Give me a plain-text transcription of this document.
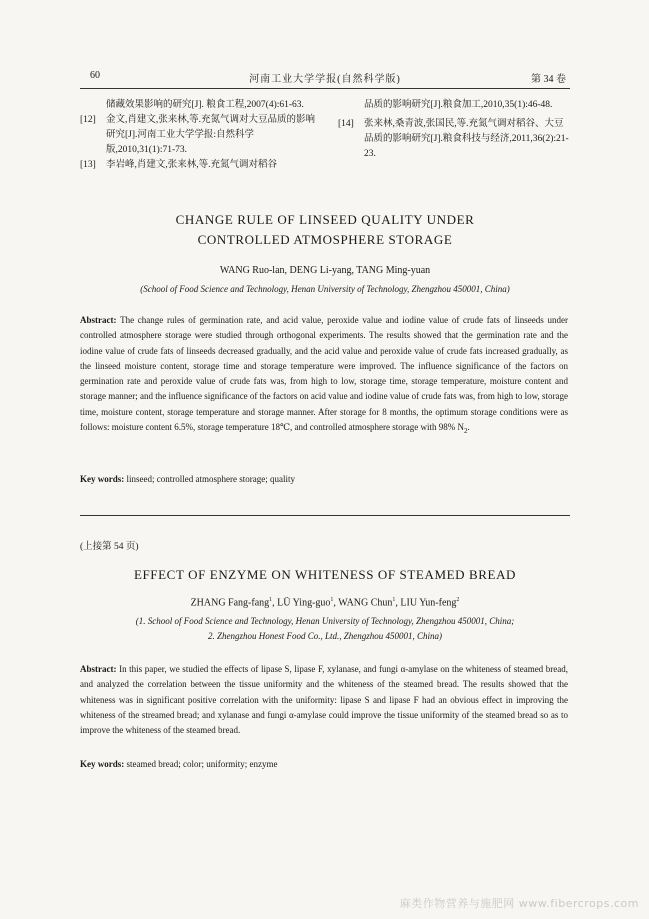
60	河南工业大学学报(自然科学版)	第 34 卷
储藏效果影响的研究[J]. 粮食工程,2007(4):61-63.
[12] 金文,肖建文,张来林,等.充氮气调对大豆品质的影响研究[J].河南工业大学学报:自然科学版,2010,31(1):71-73.
[13] 李岩峰,肖建文,张来林,等.充氮气调对稻谷
品质的影响研究[J].粮食加工,2010,35(1):46-48.
[14] 张来林,桑青波,张国民,等.充氮气调对稻谷、大豆品质的影响研究[J].粮食科技与经济,2011,36(2):21-23.
CHANGE RULE OF LINSEED QUALITY UNDER
CONTROLLED ATMOSPHERE STORAGE
WANG Ruo-lan, DENG Li-yang, TANG Ming-yuan
(School of Food Science and Technology, Henan University of Technology, Zhengzhou 450001, China)
Abstract: The change rules of germination rate, and acid value, peroxide value and iodine value of crude fats of linseeds under controlled atmosphere storage were studied through orthogonal experiments. The results showed that the germination rate and the iodine value of crude fats of linseeds decreased gradually, and the acid value and peroxide value of crude fats increased gradually, as the linseed moisture content, storage time and storage temperature were improved. The influence significance of the factors on germination rate and peroxide value of crude fats was, from high to low, storage time, storage temperature, moisture content and storage manner; and the influence significance of the factors on acid value and iodine value of crude fats was, from high to low, storage time, moisture content, storage temperature and storage manner. After storage for 8 months, the optimum storage conditions were as follows: moisture content 6.5%, storage temperature 18℃, and controlled atmosphere storage with 98% $N_2$.
Key words: linseed; controlled atmosphere storage; quality
(上接第 54 页)
EFFECT OF ENZYME ON WHITENESS OF STEAMED BREAD
ZHANG Fang-fang$^1$, LÜ Ying-guo$^1$, WANG Chun$^1$, LIU Yun-feng$^2$
(1. School of Food Science and Technology, Henan University of Technology, Zhengzhou 450001, China;
2. Zhengzhou Honest Food Co., Ltd., Zhengzhou 450001, China)
Abstract: In this paper, we studied the effects of lipase S, lipase F, xylanase, and fungi α-amylase on the whiteness of steamed bread, and analyzed the correlation between the tissue uniformity and the whiteness of the steamed bread. The results showed that the whiteness was in significant positive correlation with the uniformity: lipase S and lipase F had an obvious effect in improving the whiteness of the streamed bread; and xylanase and fungi α-amylase could improve the tissue uniformity of the steamed bread so as to improve the whiteness of the steamed bread.
Key words: steamed bread; color; uniformity; enzyme
麻类作物营养与施肥网 www.fibercrops.com
